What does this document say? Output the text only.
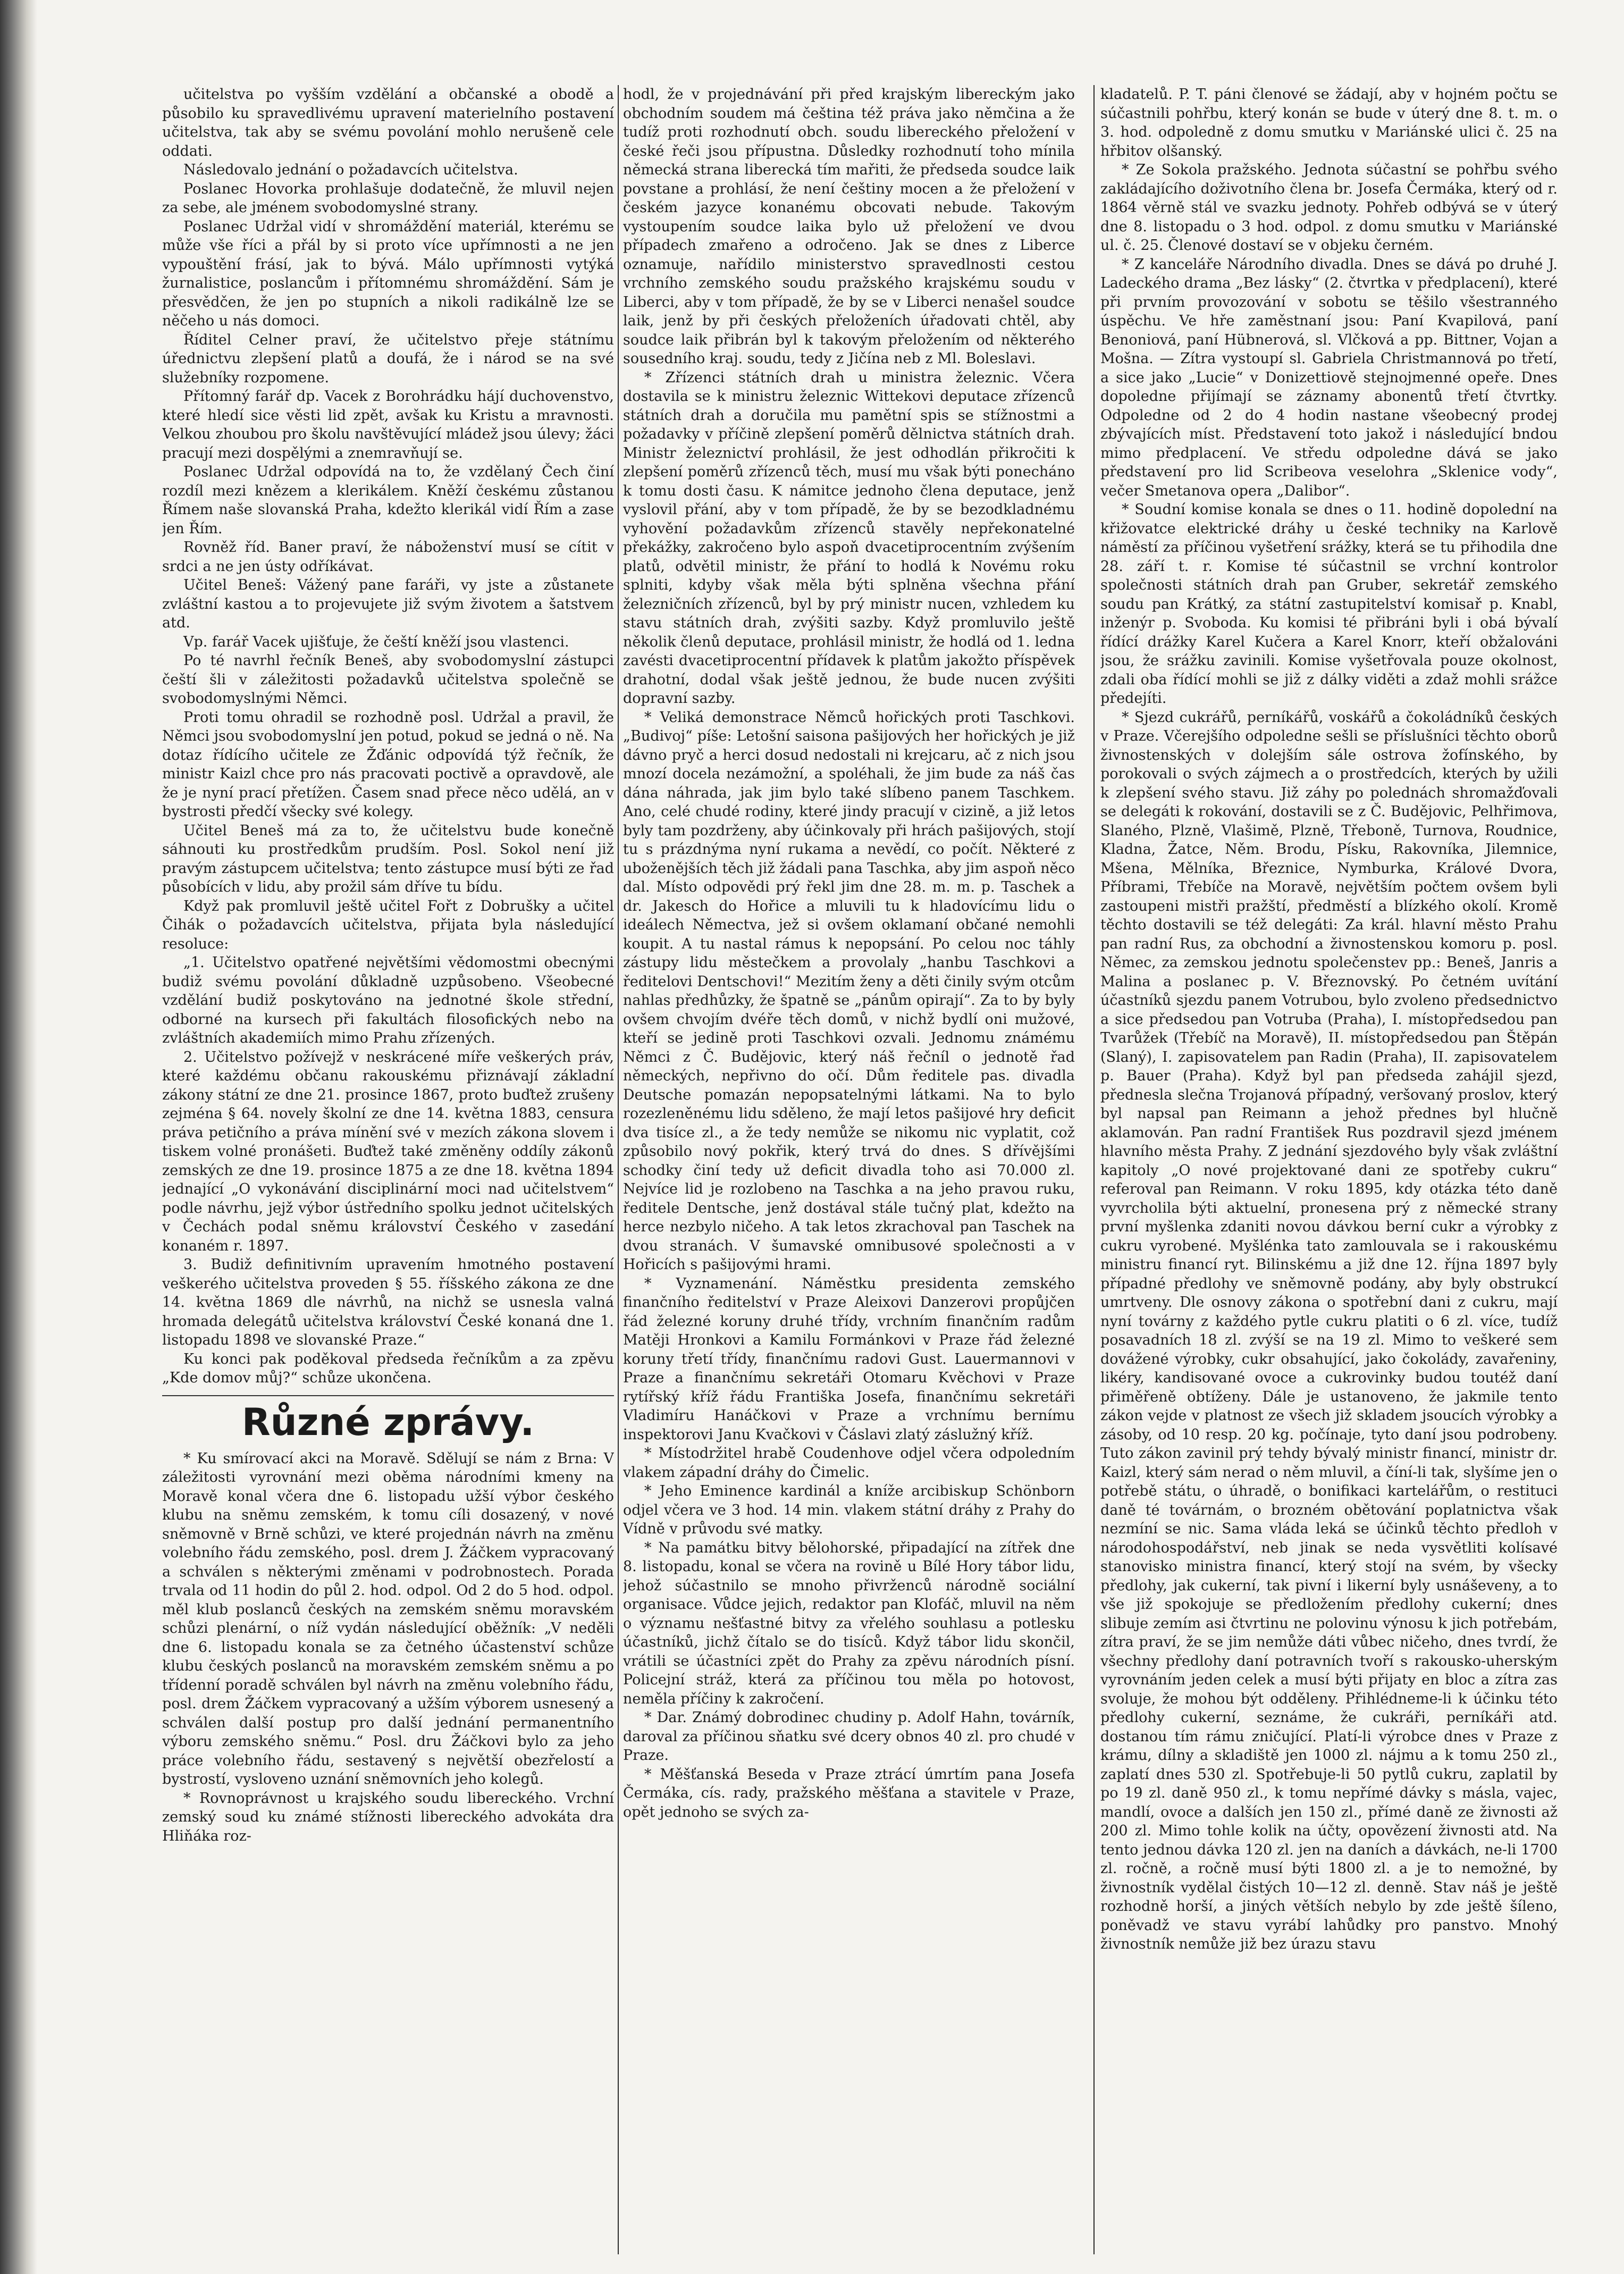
učitelstva po vyšším vzdělání a občanské a obodě a působilo ku spravedlivému upravení materielního postavení učitelstva, tak aby se svému povolání mohlo nerušeně cele oddati.

Následovalo jednání o požadavcích učitelstva.

Poslanec Hovorka prohlašuje dodatečně, že mluvil nejen za sebe, ale jménem svobodomyslné strany.

Poslanec Udržal vidí v shromáždění materiál, kterému se může vše říci a přál by si proto více upřímnosti a ne jen vypouštění frásí, jak to bývá. Málo upřímnosti vytýká žurnalistice, poslancům i přítomnému shromáždění. Sám je přesvědčen, že jen po stupních a nikoli radikálně lze se něčeho u nás domoci.

Říditel Celner praví, že učitelstvo přeje státnímu úřednictvu zlepšení platů a doufá, že i národ se na své služebníky rozpomene.

Přítomný farář dp. Vacek z Borohrádku hájí duchovenstvo, které hledí sice věsti lid zpět, avšak ku Kristu a mravnosti. Velkou zhoubou pro školu navštěvující mládež jsou úlevy; žáci pracují mezi dospělými a znemravňují se.

Poslanec Udržal odpovídá na to, že vzdělaný Čech činí rozdíl mezi knězem a klerikálem. Kněží českému zůstanou Římem naše slovanská Praha, kdežto klerikál vidí Řím a zase jen Řím.

Rovněž říd. Baner praví, že náboženství musí se cítit v srdci a ne jen ústy odříkávat.

Učitel Beneš: Vážený pane faráři, vy jste a zůstanete zvláštní kastou a to projevujete již svým životem a šatstvem atd.

Vp. farář Vacek ujišťuje, že čeští kněží jsou vlastenci.

Po té navrhl řečník Beneš, aby svobodomyslní zástupci čeští šli v záležitosti požadavků učitelstva společně se svobodomyslnými Němci.

Proti tomu ohradil se rozhodně posl. Udržal a pravil, že Němci jsou svobodomyslní jen potud, pokud se jedná o ně. Na dotaz řídícího učitele ze Žďánic odpovídá týž řečník, že ministr Kaizl chce pro nás pracovati poctivě a opravdově, ale že je nyní prací přetížen. Časem snad přece něco udělá, an v bystrosti předčí všecky své kolegy.

Učitel Beneš má za to, že učitelstvu bude konečně sáhnouti ku prostředkům prudším. Posl. Sokol není již pravým zástupcem učitelstva; tento zástupce musí býti ze řad působících v lidu, aby prožil sám dříve tu bídu.

Když pak promluvil ještě učitel Fořt z Dobrušky a učitel Čihák o požadavcích učitelstva, přijata byla následující resoluce:

„1. Učitelstvo opatřené největšími vědomostmi obecnými budiž svému povolání důkladně uzpůsobeno. Všeobecné vzdělání budiž poskytováno na jednotné škole střední, odborné na kursech při fakultách filosofických nebo na zvláštních akademiích mimo Prahu zřízených.

2. Učitelstvo požívejž v neskrácené míře veškerých práv, které každému občanu rakouskému přiznávají základní zákony státní ze dne 21. prosince 1867, proto buďtež zrušeny zejména § 64. novely školní ze dne 14. května 1883, censura práva petičního a práva mínění své v mezích zákona slovem i tiskem volné pronášeti. Buďtež také změněny oddíly zákonů zemských ze dne 19. prosince 1875 a ze dne 18. května 1894 jednající „O vykonávání disciplinární moci nad učitelstvem“ podle návrhu, jejž výbor ústředního spolku jednot učitelských v Čechách podal sněmu království Českého v zasedání konaném r. 1897.

3. Budiž definitivním upravením hmotného postavení veškerého učitelstva proveden § 55. říšského zákona ze dne 14. května 1869 dle návrhů, na nichž se usnesla valná hromada delegátů učitelstva království České konaná dne 1. listopadu 1898 ve slovanské Praze.“

Ku konci pak poděkoval předseda řečníkům a za zpěvu „Kde domov můj?“ schůze ukončena.

Různé zprávy.

* Ku smírovací akci na Moravě. Sdělují se nám z Brna: V záležitosti vyrovnání mezi oběma národními kmeny na Moravě konal včera dne 6. listopadu užší výbor českého klubu na sněmu zemském, k tomu cíli dosazený, v nové sněmovně v Brně schůzi, ve které projednán návrh na změnu volebního řádu zemského, posl. drem J. Žáčkem vypracovaný a schválen s některými změnami v podrobnostech. Porada trvala od 11 hodin do půl 2. hod. odpol. Od 2 do 5 hod. odpol. měl klub poslanců českých na zemském sněmu moravském schůzi plenární, o níž vydán následující oběžník: „V neděli dne 6. listopadu konala se za četného účastenství schůze klubu českých poslanců na moravském zemském sněmu a po třídenní poradě schválen byl návrh na změnu volebního řádu, posl. drem Žáčkem vypracovaný a užším výborem usnesený a schválen další postup pro další jednání permanentního výboru zemského sněmu.“ Posl. dru Žáčkovi bylo za jeho práce volebního řádu, sestavený s největší obezřelostí a bystrostí, vysloveno uznání sněmovních jeho kolegů.

* Rovnoprávnost u krajského soudu libereckého. Vrchní zemský soud ku známé stížnosti libereckého advokáta dra Hliňáka roz-

hodl, že v projednávání při před krajským libereckým jako obchodním soudem má čeština též práva jako němčina a že tudíž proti rozhodnutí obch. soudu libereckého přeložení v české řeči jsou přípustna. Důsledky rozhodnutí toho mínila německá strana liberecká tím mařiti, že předseda soudce laik povstane a prohlásí, že není češtiny mocen a že přeložení v českém jazyce konanému obcovati nebude. Takovým vystoupením soudce laika bylo už přeložení ve dvou případech zmařeno a odročeno. Jak se dnes z Liberce oznamuje, nařídilo ministerstvo spravedlnosti cestou vrchního zemského soudu pražského krajskému soudu v Liberci, aby v tom případě, že by se v Liberci nenašel soudce laik, jenž by při českých přeloženích úřadovati chtěl, aby soudce laik přibrán byl k takovým přeložením od některého sousedního kraj. soudu, tedy z Jičína neb z Ml. Boleslavi.

* Zřízenci státních drah u ministra železnic. Včera dostavila se k ministru železnic Wittekovi deputace zřízenců státních drah a doručila mu pamětní spis se stížnostmi a požadavky v příčině zlepšení poměrů dělnictva státních drah. Ministr železnictví prohlásil, že jest odhodlán přikročiti k zlepšení poměrů zřízenců těch, musí mu však býti ponecháno k tomu dosti času. K námitce jednoho člena deputace, jenž vyslovil přání, aby v tom případě, že by se bezodkladnému vyhovění požadavkům zřízenců stavěly nepřekonatelné překážky, zakročeno bylo aspoň dvacetiprocentním zvýšením platů, odvětil ministr, že přání to hodlá k Novému roku splniti, kdyby však měla býti splněna všechna přání železničních zřízenců, byl by prý ministr nucen, vzhledem ku stavu státních drah, zvýšiti sazby. Když promluvilo ještě několik členů deputace, prohlásil ministr, že hodlá od 1. ledna zavésti dvacetiprocentní přídavek k platům jakožto příspěvek drahotní, dodal však ještě jednou, že bude nucen zvýšiti dopravní sazby.

* Veliká demonstrace Němců hořických proti Taschkovi. „Budivoj“ píše: Letošní saisona pašijových her hořických je již dávno pryč a herci dosud nedostali ni krejcaru, ač z nich jsou mnozí docela nezámožní, a spoléhali, že jim bude za náš čas dána náhrada, jak jim bylo také slíbeno panem Taschkem. Ano, celé chudé rodiny, které jindy pracují v cizině, a již letos byly tam pozdrženy, aby účinkovaly při hrách pašijových, stojí tu s prázdnýma nyní rukama a nevědí, co počít. Některé z uboženějších těch již žádali pana Taschka, aby jim aspoň něco dal. Místo odpovědi prý řekl jim dne 28. m. m. p. Taschek a dr. Jakesch do Hořice a mluvili tu k hladovícímu lidu o ideálech Němectva, jež si ovšem oklamaní občané nemohli koupit. A tu nastal rámus k nepopsání. Po celou noc táhly zástupy lidu městečkem a provolaly „hanbu Taschkovi a ředitelovi Dentschovi!“ Mezitím ženy a děti činily svým otcům nahlas předhůzky, že špatně se „pánům opirají“. Za to by byly ovšem chvojím dvéře těch domů, v nichž bydlí oni mužové, kteří se jedině proti Taschkovi ozvali. Jednomu známému Němci z Č. Budějovic, který náš řečníl o jednotě řad německých, nepřivno do očí. Dům ředitele pas. divadla Deutsche pomazán nepopsatelnými látkami. Na to bylo rozezleněnému lidu sděleno, že mají letos pašijové hry deficit dva tisíce zl., a že tedy nemůže se nikomu nic vyplatit, což způsobilo nový pokřik, který trvá do dnes. S dřívějšími schodky činí tedy už deficit divadla toho asi 70.000 zl. Nejvíce lid je rozlobeno na Taschka a na jeho pravou ruku, ředitele Dentsche, jenž dostával stále tučný plat, kdežto na herce nezbylo ničeho. A tak letos zkrachoval pan Taschek na dvou stranách. V šumavské omnibusové společnosti a v Hořicích s pašijovými hrami.

* Vyznamenání. Náměstku presidenta zemského finančního ředitelství v Praze Aleixovi Danzerovi propůjčen řád železné koruny druhé třídy, vrchním finančním radům Matěji Hronkovi a Kamilu Formánkovi v Praze řád železné koruny třetí třídy, finančnímu radovi Gust. Lauermannovi v Praze a finančnímu sekretáři Otomaru Kvěchovi v Praze rytířský kříž řádu Františka Josefa, finančnímu sekretáři Vladimíru Hanáčkovi v Praze a vrchnímu bernímu inspektorovi Janu Kvačkovi v Čáslavi zlatý záslužný kříž.

* Místodržitel hrabě Coudenhove odjel včera odpoledním vlakem západní dráhy do Čimelic.

* Jeho Eminence kardinál a kníže arcibiskup Schönborn odjel včera ve 3 hod. 14 min. vlakem státní dráhy z Prahy do Vídně v průvodu své matky.

* Na památku bitvy bělohorské, připadající na zítřek dne 8. listopadu, konal se včera na rovině u Bílé Hory tábor lidu, jehož súčastnilo se mnoho přivrženců národně sociální organisace. Vůdce jejich, redaktor pan Klofáč, mluvil na něm o významu nešťastné bitvy za vřelého souhlasu a potlesku účastníků, jichž čítalo se do tisíců. Když tábor lidu skončil, vrátili se účastníci zpět do Prahy za zpěvu národních písní. Policejní stráž, která za příčinou tou měla po hotovost, neměla příčiny k zakročení.

* Dar. Známý dobrodinec chudiny p. Adolf Hahn, továrník, daroval za příčinou sňatku své dcery obnos 40 zl. pro chudé v Praze.

* Měšťanská Beseda v Praze ztrácí úmrtím pana Josefa Čermáka, cís. rady, pražského měšťana a stavitele v Praze, opět jednoho se svých za-

kladatelů. P. T. páni členové se žádají, aby v hojném počtu se súčastnili pohřbu, který konán se bude v úterý dne 8. t. m. o 3. hod. odpoledně z domu smutku v Mariánské ulici č. 25 na hřbitov olšanský.

* Ze Sokola pražského. Jednota súčastní se pohřbu svého zakládajícího doživotního člena br. Josefa Čermáka, který od r. 1864 věrně stál ve svazku jednoty. Pohřeb odbývá se v úterý dne 8. listopadu o 3 hod. odpol. z domu smutku v Mariánské ul. č. 25. Členové dostaví se v objeku černém.

* Z kanceláře Národního divadla. Dnes se dává po druhé J. Ladeckého drama „Bez lásky“ (2. čtvrtka v předplacení), které při prvním provozování v sobotu se těšilo všestranného úspěchu. Ve hře zaměstnaní jsou: Paní Kvapilová, paní Benoniová, paní Hübnerová, sl. Vlčková a pp. Bittner, Vojan a Mošna. — Zítra vystoupí sl. Gabriela Christmannová po třetí, a sice jako „Lucie“ v Donizettiově stejnojmenné opeře. Dnes dopoledne přijímají se záznamy abonentů třetí čtvrtky. Odpoledne od 2 do 4 hodin nastane všeobecný prodej zbývajících míst. Představení toto jakož i následující bndou mimo předplacení. Ve středu odpoledne dává se jako představení pro lid Scribeova veselohra „Sklenice vody“, večer Smetanova opera „Dalibor“.

* Soudní komise konala se dnes o 11. hodině dopolední na křižovatce elektrické dráhy u české techniky na Karlově náměstí za příčinou vyšetření srážky, která se tu přihodila dne 28. září t. r. Komise té súčastnil se vrchní kontrolor společnosti státních drah pan Gruber, sekretář zemského soudu pan Krátký, za státní zastupitelství komisař p. Knabl, inženýr p. Svoboda. Ku komisi té přibráni byli i obá bývalí řídící drážky Karel Kučera a Karel Knorr, kteří obžalováni jsou, že srážku zavinili. Komise vyšetřovala pouze okolnost, zdali oba řídící mohli se již z dálky viděti a zdaž mohli srážce předejíti.

* Sjezd cukrářů, perníkářů, voskářů a čokoládníků českých v Praze. Včerejšího odpoledne sešli se příslušníci těchto oborů živnostenských v dolejším sále ostrova žofínského, by porokovali o svých zájmech a o prostředcích, kterých by užili k zlepšení svého stavu. Již záhy po polednách shromažďovali se delegáti k rokování, dostavili se z Č. Budějovic, Pelhřimova, Slaného, Plzně, Vlašimě, Plzně, Třeboně, Turnova, Roudnice, Kladna, Žatce, Něm. Brodu, Písku, Rakovníka, Jilemnice, Mšena, Mělníka, Březnice, Nymburka, Králové Dvora, Příbrami, Třebíče na Moravě, největším počtem ovšem byli zastoupeni mistři pražští, předměstí a blízkého okolí. Kromě těchto dostavili se též delegáti: Za král. hlavní město Prahu pan radní Rus, za obchodní a živnostenskou komoru p. posl. Němec, za zemskou jednotu společenstev pp.: Beneš, Janris a Malina a poslanec p. V. Březnovský. Po četném uvítání účastníků sjezdu panem Votrubou, bylo zvoleno předsednictvo a sice předsedou pan Votruba (Praha), I. místopředsedou pan Tvarůžek (Třebíč na Moravě), II. místopředsedou pan Štěpán (Slaný), I. zapisovatelem pan Radin (Praha), II. zapisovatelem p. Bauer (Praha). Když byl pan předseda zahájil sjezd, přednesla slečna Trojanová případný, veršovaný proslov, který byl napsal pan Reimann a jehož přednes byl hlučně aklamován. Pan radní František Rus pozdravil sjezd jménem hlavního města Prahy. Z jednání sjezdového byly však zvláštní kapitoly „O nové projektované dani ze spotřeby cukru“ referoval pan Reimann. V roku 1895, kdy otázka této daně vyvrcholila býti aktuelní, pronesena prý z německé strany první myšlenka zdaniti novou dávkou berní cukr a výrobky z cukru vyrobené. Myšlénka tato zamlouvala se i rakouskému ministru financí ryt. Bilinskému a již dne 12. října 1897 byly případné předlohy ve sněmovně podány, aby byly obstrukcí umrtveny. Dle osnovy zákona o spotřební dani z cukru, mají nyní továrny z každého pytle cukru platiti o 6 zl. více, tudíž posavadních 18 zl. zvýší se na 19 zl. Mimo to veškeré sem dovážené výrobky, cukr obsahující, jako čokolády, zavařeniny, likéry, kandisované ovoce a cukrovinky budou toutéž daní přiměřeně obtíženy. Dále je ustanoveno, že jakmile tento zákon vejde v platnost ze všech již skladem jsoucích výrobky a zásoby, od 10 resp. 20 kg. počínaje, tyto daní jsou podrobeny. Tuto zákon zavinil prý tehdy bývalý ministr financí, ministr dr. Kaizl, který sám nerad o něm mluvil, a číní-li tak, slyšíme jen o potřebě státu, o úhradě, o bonifikaci kartelářům, o restituci daně té továrnám, o brozném obětování poplatnictva však nezmíní se nic. Sama vláda leká se účinků těchto předloh v národohospodářství, neb jinak se neda vysvětliti kolísavé stanovisko ministra financí, který stojí na svém, by všecky předlohy, jak cukerní, tak pivní i likerní byly usnáševeny, a to vše již spokojuje se předložením předlohy cukerní; dnes slibuje zemím asi čtvrtinu ne polovinu výnosu k jich potřebám, zítra praví, že se jim nemůže dáti vůbec ničeho, dnes tvrdí, že všechny předlohy daní potravních tvoří s rakousko-uherským vyrovnáním jeden celek a musí býti přijaty en bloc a zítra zas svoluje, že mohou být odděleny. Přihlédneme-li k účinku této předlohy cukerní, seznáme, že cukráři, perníkáři atd. dostanou tím rámu zničující. Platí-li výrobce dnes v Praze z krámu, dílny a skladiště jen 1000 zl. nájmu a k tomu 250 zl., zaplatí dnes 530 zl. Spotřebuje-li 50 pytlů cukru, zaplatil by po 19 zl. daně 950 zl., k tomu nepřímé dávky s másla, vajec, mandlí, ovoce a dalších jen 150 zl., přímé daně ze živnosti až 200 zl. Mimo tohle kolik na účty, opovězení živnosti atd. Na tento jednou dávka 120 zl. jen na daních a dávkách, ne-li 1700 zl. ročně, a ročně musí býti 1800 zl. a je to nemožné, by živnostník vydělal čistých 10—12 zl. denně. Stav náš je ještě rozhodně horší, a jiných větších nebylo by zde ještě šíleno, poněvadž ve stavu vyrábí lahůdky pro panstvo. Mnohý živnostník nemůže již bez úrazu stavu
